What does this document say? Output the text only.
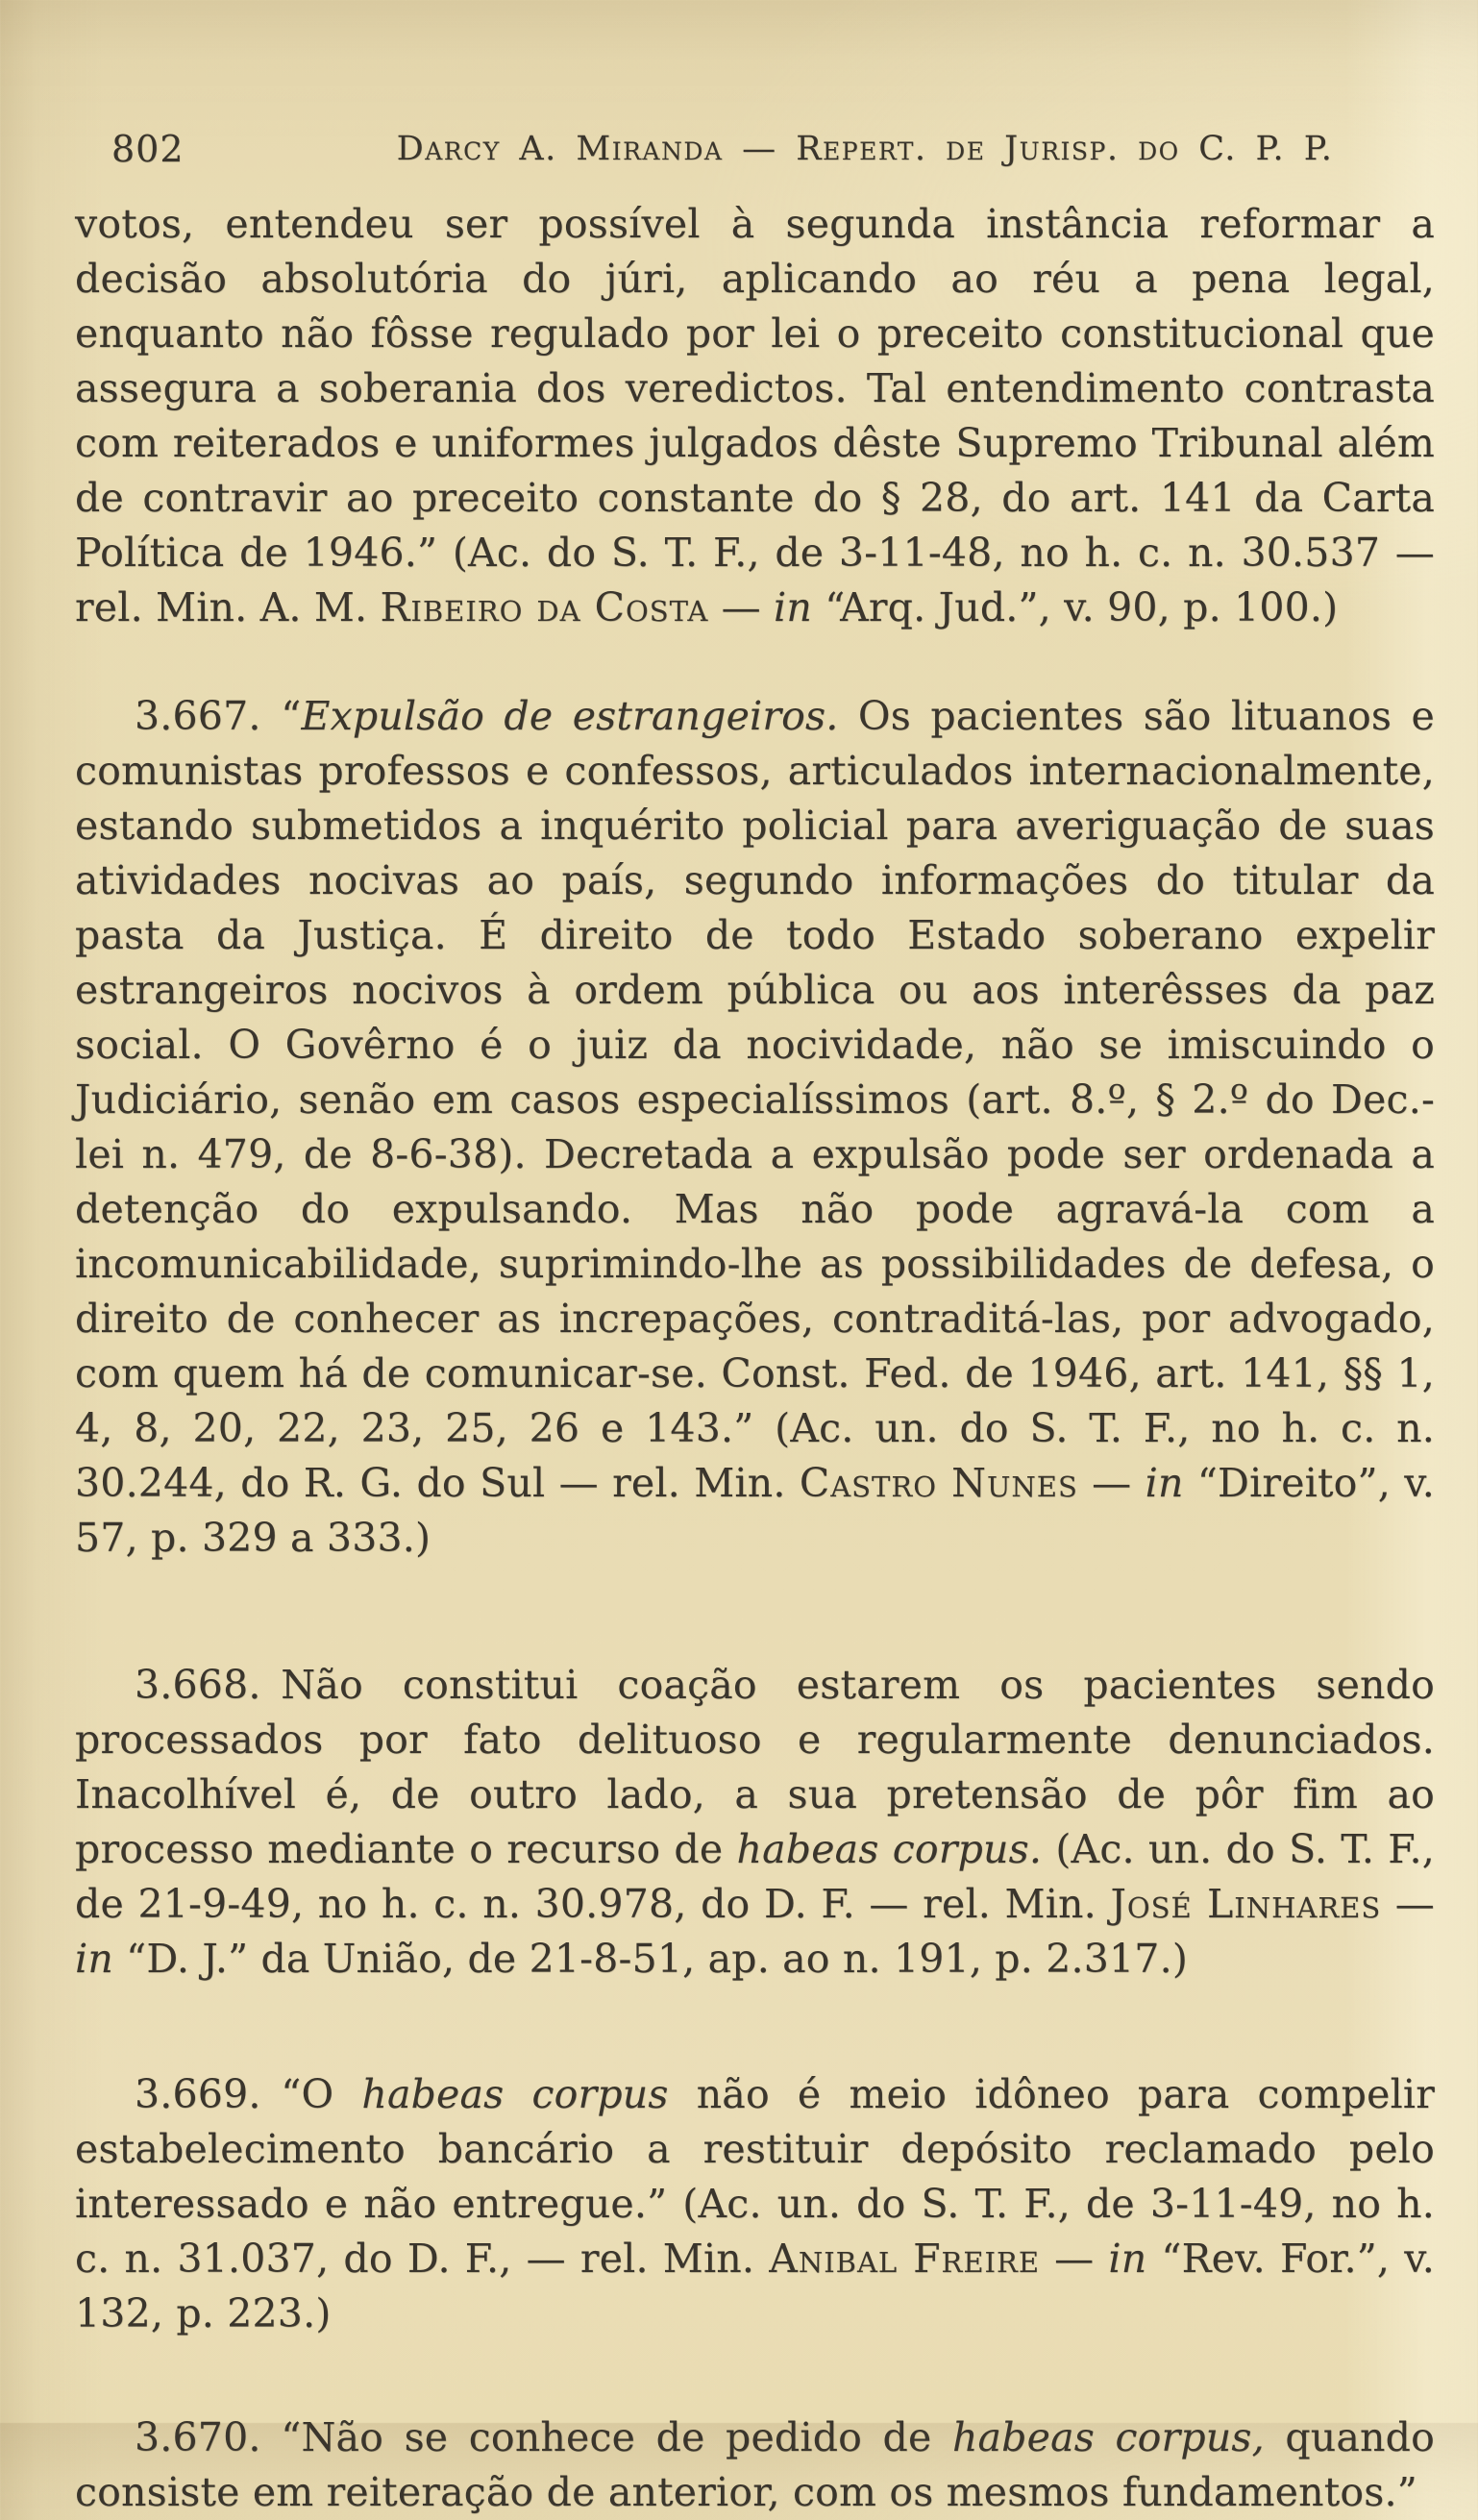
802	Darcy A. Miranda — Repert. de Jurisp. do C. P. P.

votos, entendeu ser possível à segunda instância reformar a decisão absolutória do júri, aplicando ao réu a pena legal, enquanto não fôsse regulado por lei o preceito constitucional que assegura a soberania dos veredictos. Tal entendimento contrasta com reiterados e uniformes julgados dêste Supremo Tribunal além de contravir ao preceito constante do § 28, do art. 141 da Carta Política de 1946.” (Ac. do S. T. F., de 3-11-48, no h. c. n. 30.537 — rel. Min. A. M. Ribeiro da Costa — in “Arq. Jud.”, v. 90, p. 100.)

3.667. “Expulsão de estrangeiros. Os pacientes são lituanos e comunistas professos e confessos, articulados internacionalmente, estando submetidos a inquérito policial para averiguação de suas atividades nocivas ao país, segundo informações do titular da pasta da Justiça. É direito de todo Estado soberano expelir estrangeiros nocivos à ordem pública ou aos interêsses da paz social. O Govêrno é o juiz da nocividade, não se imiscuindo o Judiciário, senão em casos especialíssimos (art. 8.º, § 2.º do Dec.-lei n. 479, de 8-6-38). Decretada a expulsão pode ser ordenada a detenção do expulsando. Mas não pode agravá-la com a incomunicabilidade, suprimindo-lhe as possibilidades de defesa, o direito de conhecer as increpações, contraditá-las, por advogado, com quem há de comunicar-se. Const. Fed. de 1946, art. 141, §§ 1, 4, 8, 20, 22, 23, 25, 26 e 143.” (Ac. un. do S. T. F., no h. c. n. 30.244, do R. G. do Sul — rel. Min. Castro Nunes — in “Direito”, v. 57, p. 329 a 333.)

3.668. Não constitui coação estarem os pacientes sendo processados por fato delituoso e regularmente denunciados. Inacolhível é, de outro lado, a sua pretensão de pôr fim ao processo mediante o recurso de habeas corpus. (Ac. un. do S. T. F., de 21-9-49, no h. c. n. 30.978, do D. F. — rel. Min. José Linhares — in “D. J.” da União, de 21-8-51, ap. ao n. 191, p. 2.317.)

3.669. “O habeas corpus não é meio idôneo para compelir estabelecimento bancário a restituir depósito reclamado pelo interessado e não entregue.” (Ac. un. do S. T. F., de 3-11-49, no h. c. n. 31.037, do D. F., — rel. Min. Anibal Freire — in “Rev. For.”, v. 132, p. 223.)

3.670. “Não se conhece de pedido de habeas corpus, quando consiste em reiteração de anterior, com os mesmos fundamentos.”
